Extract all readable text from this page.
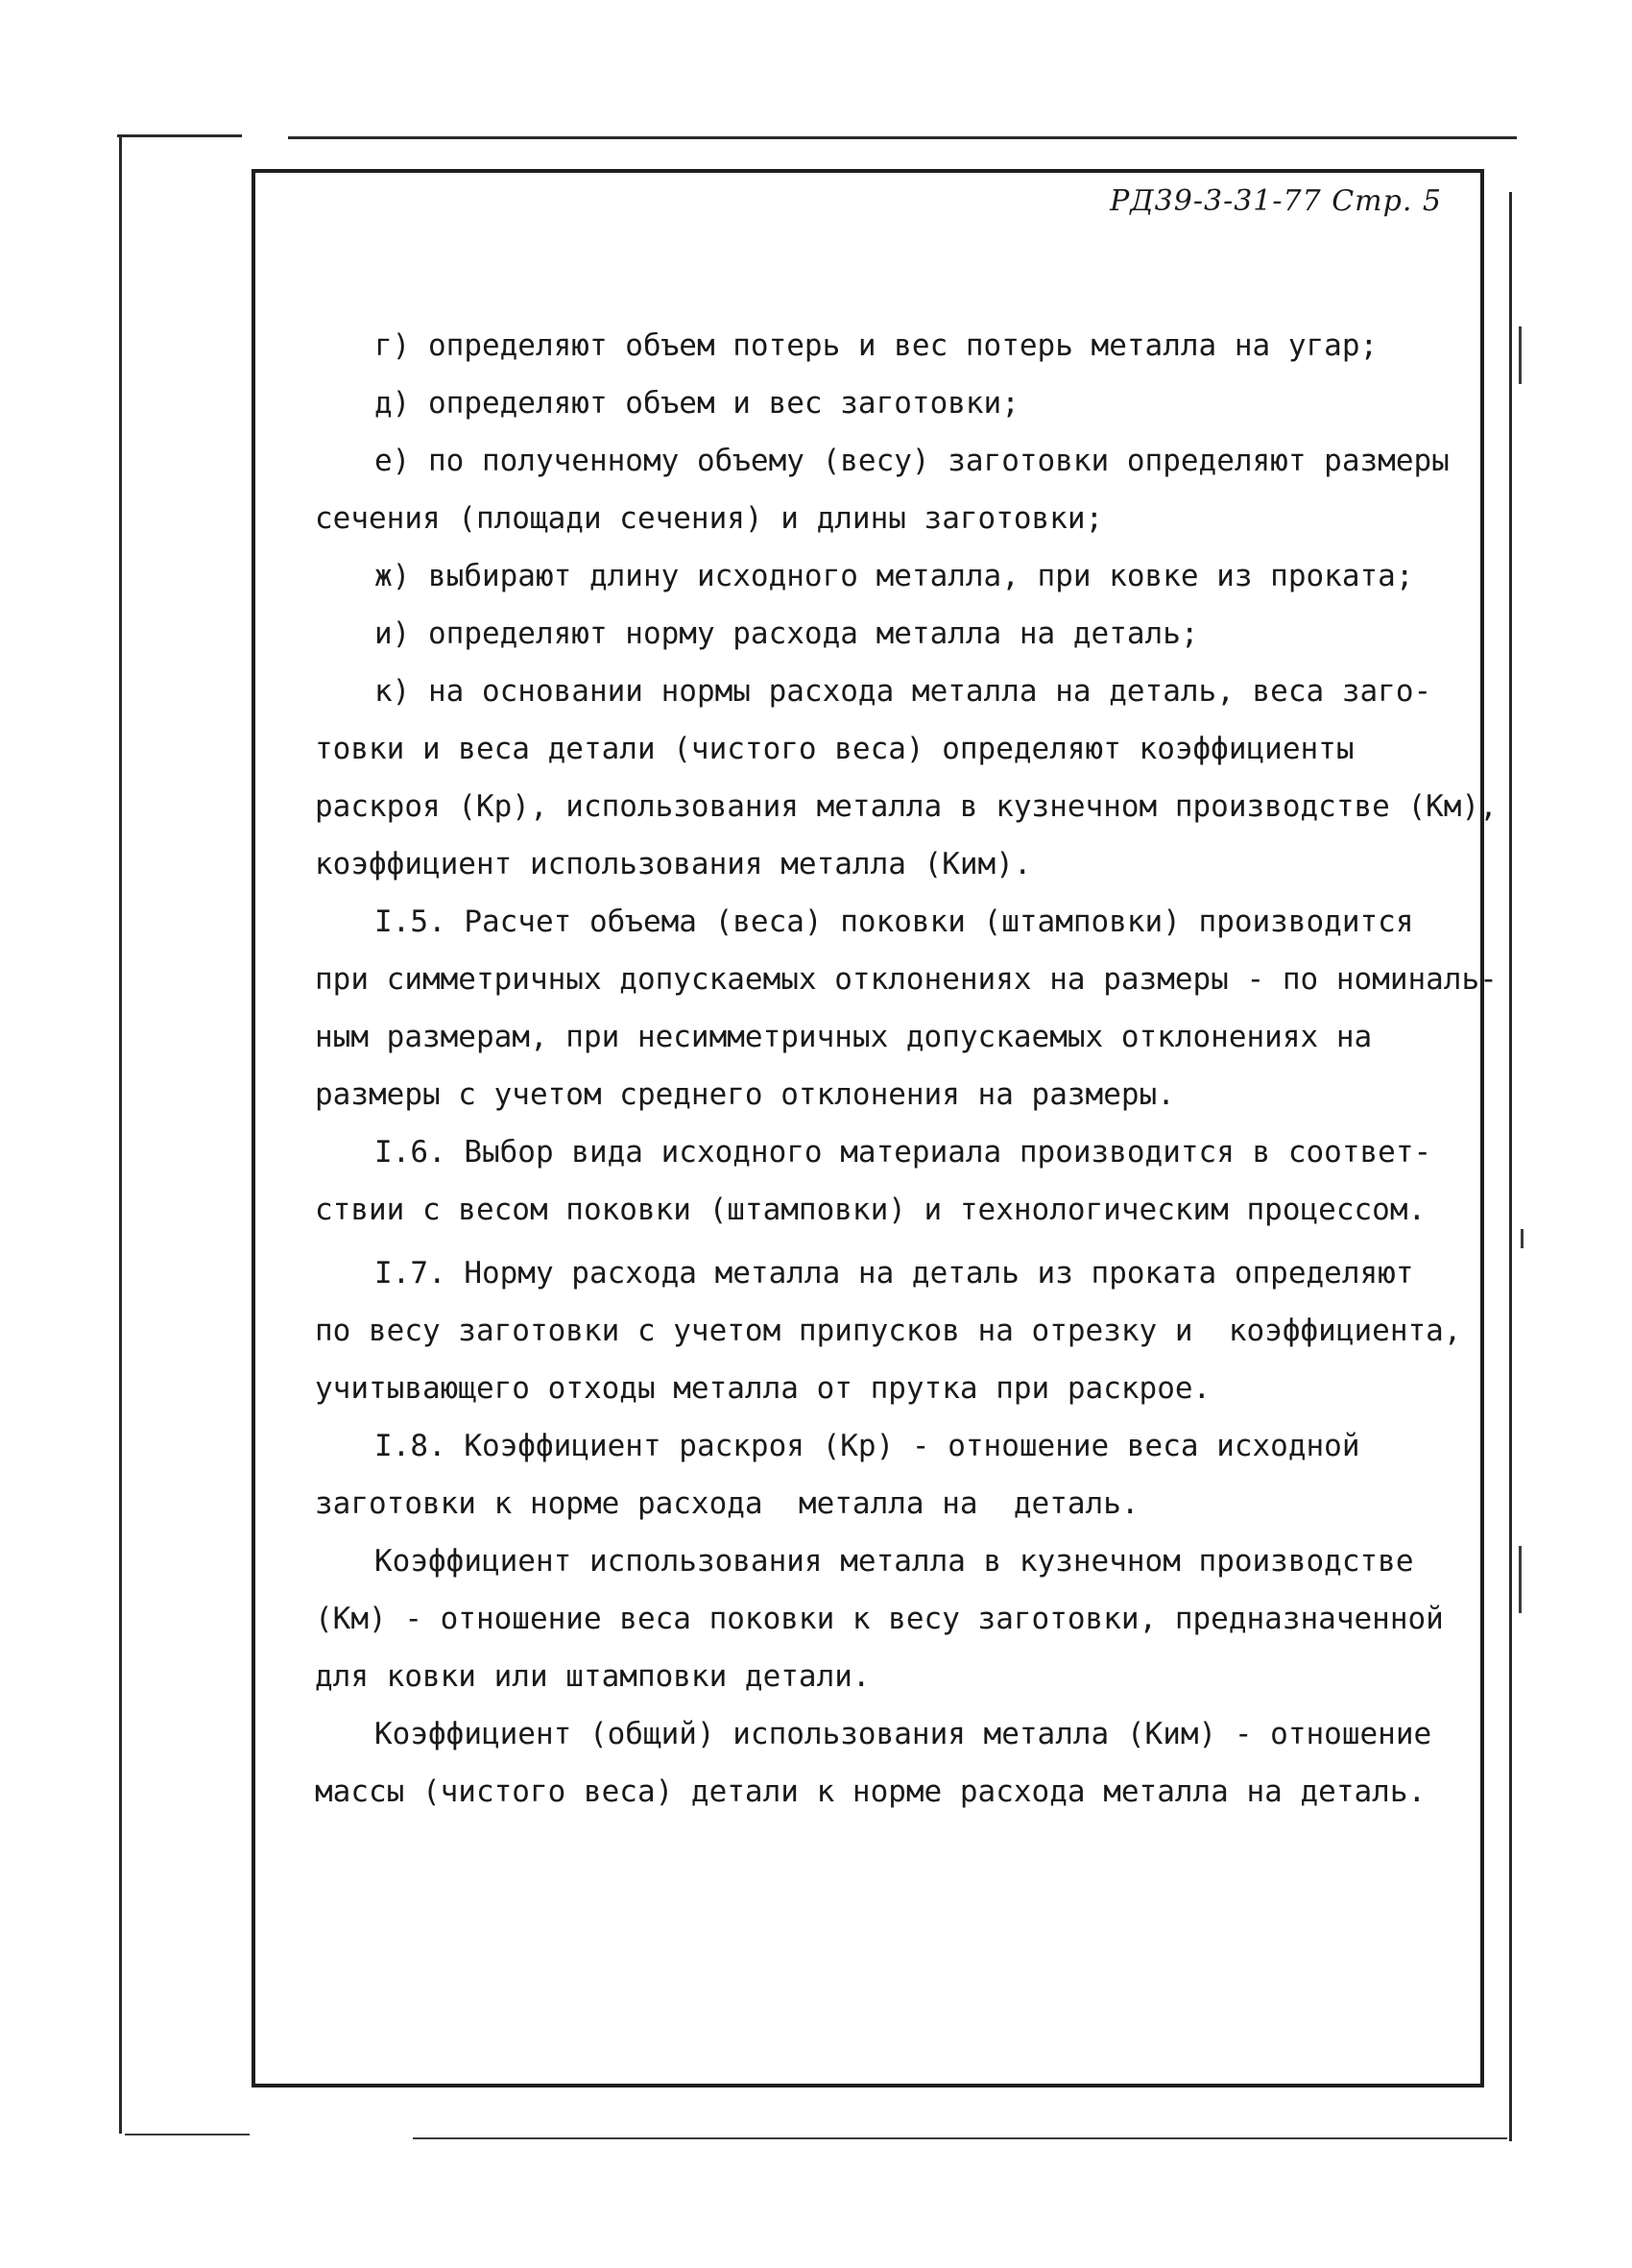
РД39-3-31-77 Стр. 5
г) определяют объем потерь и вес потерь металла на угар;
д) определяют объем и вес заготовки;
е) по полученному объему (весу) заготовки определяют размеры
сечения (площади сечения) и длины заготовки;
ж) выбирают длину исходного металла, при ковке из проката;
и) определяют норму расхода металла на деталь;
к) на основании нормы расхода металла на деталь, веса заго-
товки и веса детали (чистого веса) определяют коэффициенты
раскроя (Кр), использования металла в кузнечном производстве (Км),
коэффициент использования металла (Ким).
I.5. Расчет объема (веса) поковки (штамповки) производится
при симметричных допускаемых отклонениях на размеры - по номиналь-
ным размерам, при несимметричных допускаемых отклонениях на
размеры с учетом среднего отклонения на размеры.
I.6. Выбор вида исходного материала производится в соответ-
ствии с весом поковки (штамповки) и технологическим процессом.
I.7. Норму расхода металла на деталь из проката определяют
по весу заготовки с учетом припусков на отрезку и  коэффициента,
учитывающего отходы металла от прутка при раскрое.
I.8. Коэффициент раскроя (Кр) - отношение веса исходной
заготовки к норме расхода  металла на  деталь.
Коэффициент использования металла в кузнечном производстве
(Км) - отношение веса поковки к весу заготовки, предназначенной
для ковки или штамповки детали.
Коэффициент (общий) использования металла (Ким) - отношение
массы (чистого веса) детали к норме расхода металла на деталь.
